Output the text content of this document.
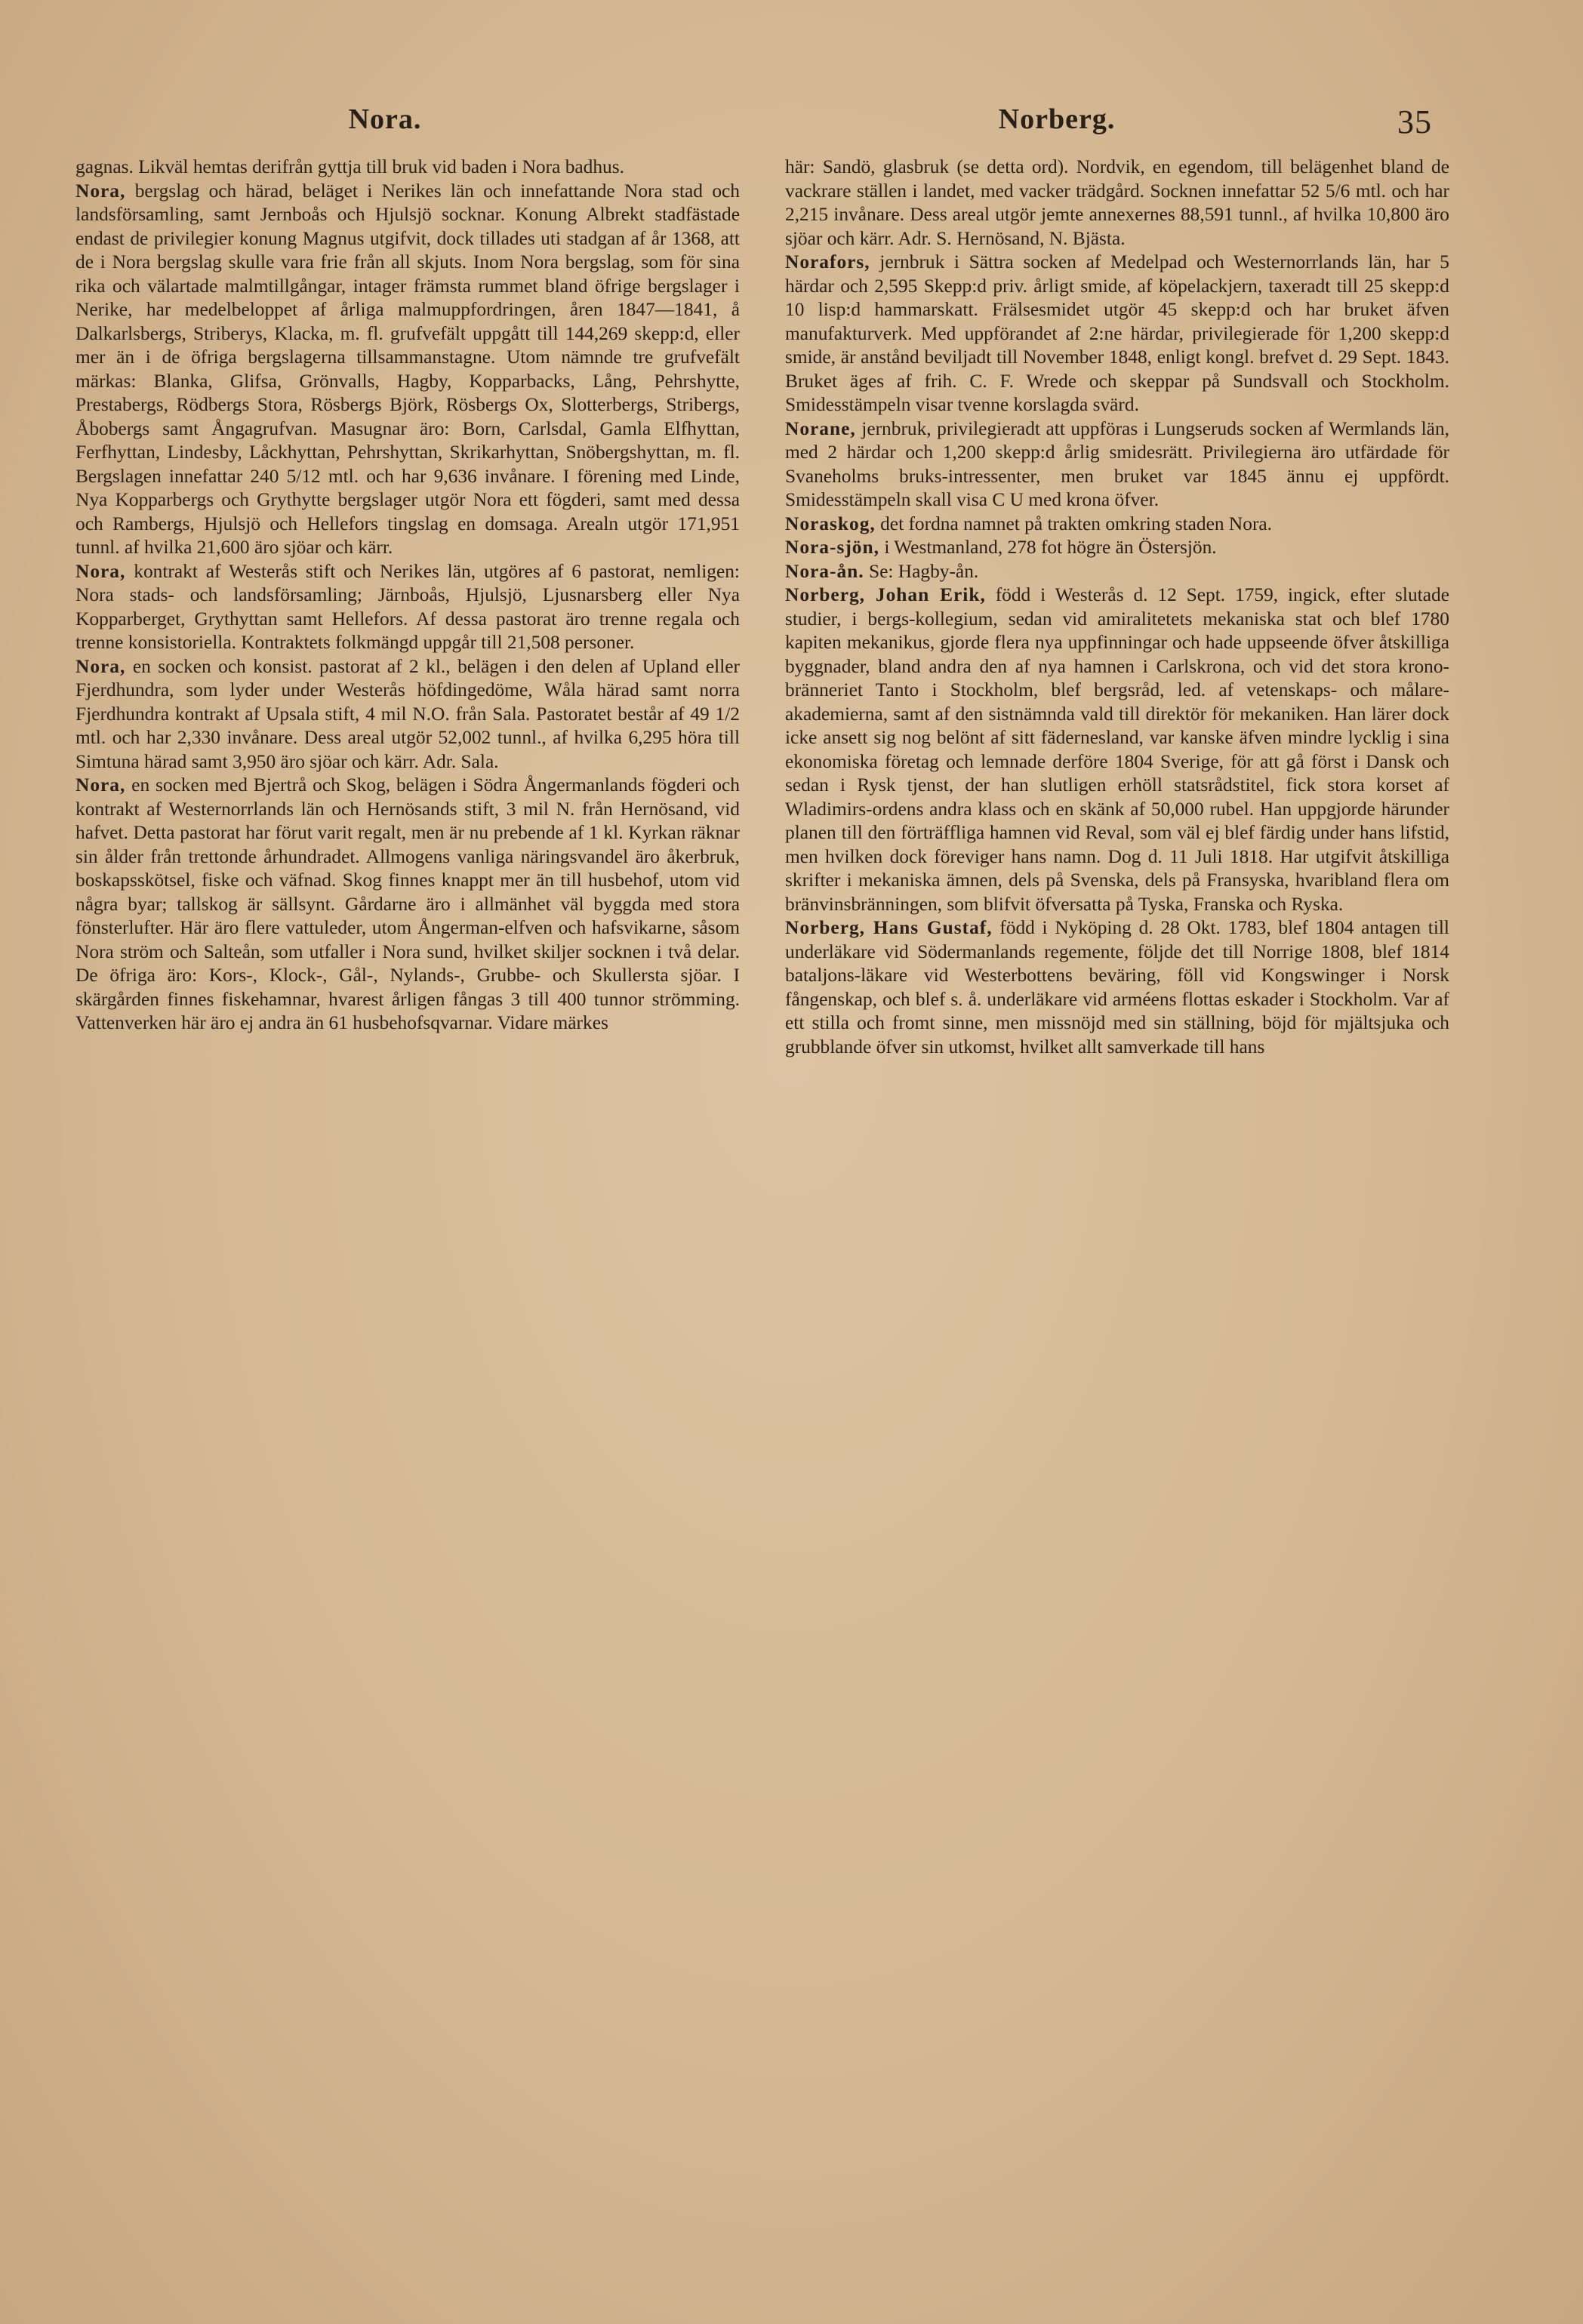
Nora.	Norberg.	35

gagnas. Likväl hemtas derifrån gyttja till bruk vid baden i Nora badhus.

Nora, bergslag och härad, beläget i Nerikes län och innefattande Nora stad och landsförsamling, samt Jernboås och Hjulsjö socknar. Konung Albrekt stadfästade endast de privilegier konung Magnus utgifvit, dock tillades uti stadgan af år 1368, att de i Nora bergslag skulle vara frie från all skjuts. Inom Nora bergslag, som för sina rika och välartade malmtillgångar, intager främsta rummet bland öfrige bergslager i Nerike, har medelbeloppet af årliga malmuppfordringen, åren 1847—1841, å Dalkarlsbergs, Striberys, Klacka, m. fl. grufvefält uppgått till 144,269 skepp:d, eller mer än i de öfriga bergslagerna tillsammanstagne. Utom nämnde tre grufvefält märkas: Blanka, Glifsa, Grönvalls, Hagby, Kopparbacks, Lång, Pehrshytte, Prestabergs, Rödbergs Stora, Rösbergs Björk, Rösbergs Ox, Slotterbergs, Stribergs, Åbobergs samt Ångagrufvan. Masugnar äro: Born, Carlsdal, Gamla Elfhyttan, Ferfhyttan, Lindesby, Låckhyttan, Pehrshyttan, Skrikarhyttan, Snöbergshyttan, m. fl. Bergslagen innefattar 240 5/12 mtl. och har 9,636 invånare. I förening med Linde, Nya Kopparbergs och Grythytte bergslager utgör Nora ett fögderi, samt med dessa och Rambergs, Hjulsjö och Hellefors tingslag en domsaga. Arealn utgör 171,951 tunnl. af hvilka 21,600 äro sjöar och kärr.

Nora, kontrakt af Westerås stift och Nerikes län, utgöres af 6 pastorat, nemligen: Nora stads- och landsförsamling; Järnboås, Hjulsjö, Ljusnarsberg eller Nya Kopparberget, Grythyttan samt Hellefors. Af dessa pastorat äro trenne regala och trenne konsistoriella. Kontraktets folkmängd uppgår till 21,508 personer.

Nora, en socken och konsist. pastorat af 2 kl., belägen i den delen af Upland eller Fjerdhundra, som lyder under Westerås höfdingedöme, Wåla härad samt norra Fjerdhundra kontrakt af Upsala stift, 4 mil N.O. från Sala. Pastoratet består af 49 1/2 mtl. och har 2,330 invånare. Dess areal utgör 52,002 tunnl., af hvilka 6,295 höra till Simtuna härad samt 3,950 äro sjöar och kärr. Adr. Sala.

Nora, en socken med Bjertrå och Skog, belägen i Södra Ångermanlands fögderi och kontrakt af Westernorrlands län och Hernösands stift, 3 mil N. från Hernösand, vid hafvet. Detta pastorat har förut varit regalt, men är nu prebende af 1 kl. Kyrkan räknar sin ålder från trettonde århundradet. Allmogens vanliga näringsvandel äro åkerbruk, boskapsskötsel, fiske och väfnad. Skog finnes knappt mer än till husbehof, utom vid några byar; tallskog är sällsynt. Gårdarne äro i allmänhet väl byggda med stora fönsterlufter. Här äro flere vattuleder, utom Ångerman-elfven och hafsvikarne, såsom Nora ström och Salteån, som utfaller i Nora sund, hvilket skiljer socknen i två delar. De öfriga äro: Kors-, Klock-, Gål-, Nylands-, Grubbe- och Skullersta sjöar. I skärgården finnes fiskehamnar, hvarest årligen fångas 3 till 400 tunnor strömming. Vattenverken här äro ej andra än 61 husbehofsqvarnar. Vidare märkes

här: Sandö, glasbruk (se detta ord). Nordvik, en egendom, till belägenhet bland de vackrare ställen i landet, med vacker trädgård. Socknen innefattar 52 5/6 mtl. och har 2,215 invånare. Dess areal utgör jemte annexernes 88,591 tunnl., af hvilka 10,800 äro sjöar och kärr. Adr. S. Hernösand, N. Bjästa.

Norafors, jernbruk i Sättra socken af Medelpad och Westernorrlands län, har 5 härdar och 2,595 Skepp:d priv. årligt smide, af köpelackjern, taxeradt till 25 skepp:d 10 lisp:d hammarskatt. Frälsesmidet utgör 45 skepp:d och har bruket äfven manufakturverk. Med uppförandet af 2:ne härdar, privilegierade för 1,200 skepp:d smide, är anstånd beviljadt till November 1848, enligt kongl. brefvet d. 29 Sept. 1843. Bruket äges af frih. C. F. Wrede och skeppar på Sundsvall och Stockholm. Smidesstämpeln visar tvenne korslagda svärd.

Norane, jernbruk, privilegieradt att uppföras i Lungseruds socken af Wermlands län, med 2 härdar och 1,200 skepp:d årlig smidesrätt. Privilegierna äro utfärdade för Svaneholms bruks-intressenter, men bruket var 1845 ännu ej uppfördt. Smidesstämpeln skall visa C U med krona öfver.

Noraskog, det fordna namnet på trakten omkring staden Nora.

Nora-sjön, i Westmanland, 278 fot högre än Östersjön.

Nora-ån. Se: Hagby-ån.

Norberg, Johan Erik, född i Westerås d. 12 Sept. 1759, ingick, efter slutade studier, i bergs-kollegium, sedan vid amiralitetets mekaniska stat och blef 1780 kapiten mekanikus, gjorde flera nya uppfinningar och hade uppseende öfver åtskilliga byggnader, bland andra den af nya hamnen i Carlskrona, och vid det stora krono-bränneriet Tanto i Stockholm, blef bergsråd, led. af vetenskaps- och målare-akademierna, samt af den sistnämnda vald till direktör för mekaniken. Han lärer dock icke ansett sig nog belönt af sitt fädernesland, var kanske äfven mindre lycklig i sina ekonomiska företag och lemnade derföre 1804 Sverige, för att gå först i Dansk och sedan i Rysk tjenst, der han slutligen erhöll statsrådstitel, fick stora korset af Wladimirs-ordens andra klass och en skänk af 50,000 rubel. Han uppgjorde härunder planen till den förträffliga hamnen vid Reval, som väl ej blef färdig under hans lifstid, men hvilken dock föreviger hans namn. Dog d. 11 Juli 1818. Har utgifvit åtskilliga skrifter i mekaniska ämnen, dels på Svenska, dels på Fransyska, hvaribland flera om bränvinsbränningen, som blifvit öfversatta på Tyska, Franska och Ryska.

Norberg, Hans Gustaf, född i Nyköping d. 28 Okt. 1783, blef 1804 antagen till underläkare vid Södermanlands regemente, följde det till Norrige 1808, blef 1814 bataljons-läkare vid Westerbottens beväring, föll vid Kongswinger i Norsk fångenskap, och blef s. å. underläkare vid arméens flottas eskader i Stockholm. Var af ett stilla och fromt sinne, men missnöjd med sin ställning, böjd för mjältsjuka och grubblande öfver sin utkomst, hvilket allt samverkade till hans
